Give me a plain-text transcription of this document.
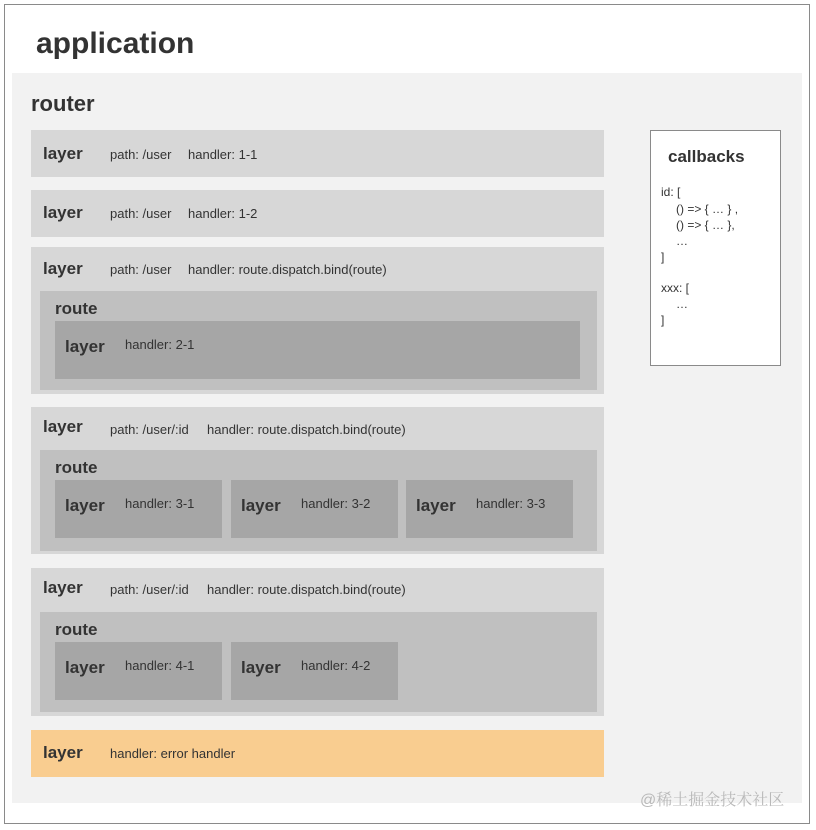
application
router
layer path: /user handler: 1-1
layer path: /user handler: 1-2
layer path: /user handler: route.dispatch.bind(route)
route
layer handler: 2-1
layer path: /user/:id handler: route.dispatch.bind(route)
route
layer handler: 3-1	layer handler: 3-2	layer handler: 3-3
layer path: /user/:id handler: route.dispatch.bind(route)
route
layer handler: 4-1	layer handler: 4-2
layer handler: error handler
callbacks
id: [
() => { … } ,
() => { … },
…
]
xxx: [
…
]
@稀土掘金技术社区
